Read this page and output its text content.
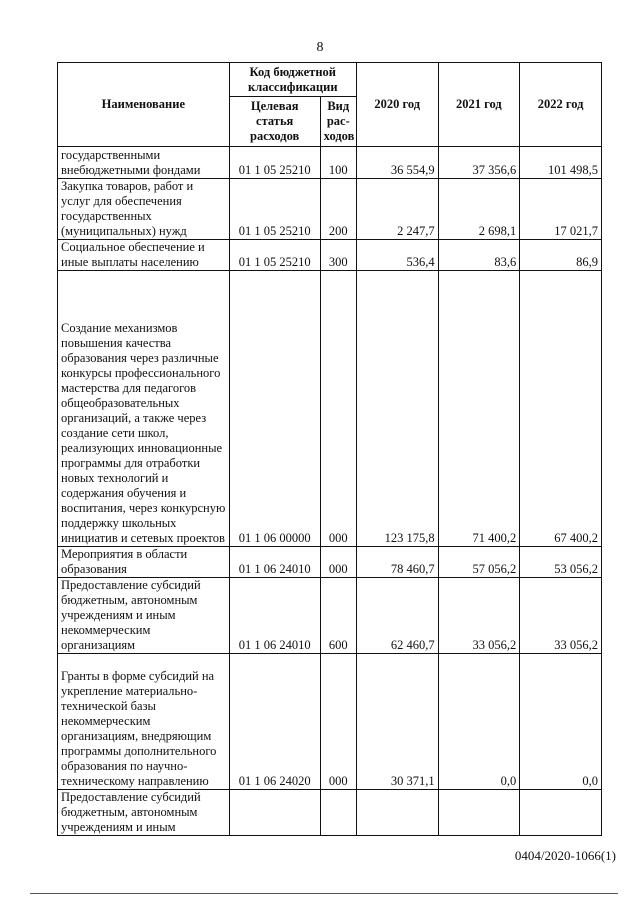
8
Наименование	Код бюджетной классификации		2020 год	2021 год	2022 год
	Целевая статья расходов	Вид рас-ходов			
государственными внебюджетными фондами	01 1 05 25210	100	36 554,9	37 356,6	101 498,5
Закупка товаров, работ и услуг для обеспечения государственных (муниципальных) нужд	01 1 05 25210	200	2 247,7	2 698,1	17 021,7
Социальное обеспечение и иные выплаты населению	01 1 05 25210	300	536,4	83,6	86,9
Создание механизмов повышения качества образования через различные конкурсы профессионального мастерства для педагогов общеобразовательных организаций, а также через создание сети школ, реализующих инновационные программы для отработки новых технологий и содержания обучения и воспитания, через конкурсную поддержку школьных инициатив и сетевых проектов	01 1 06 00000	000	123 175,8	71 400,2	67 400,2
Мероприятия в области образования	01 1 06 24010	000	78 460,7	57 056,2	53 056,2
Предоставление субсидий бюджетным, автономным учреждениям и иным некоммерческим организациям	01 1 06 24010	600	62 460,7	33 056,2	33 056,2
Гранты в форме субсидий на укрепление материально-технической базы некоммерческим организациям, внедряющим программы дополнительного образования по научно-техническому направлению	01 1 06 24020	000	30 371,1	0,0	0,0
Предоставление субсидий бюджетным, автономным учреждениям и иным					
0404/2020-1066(1)
